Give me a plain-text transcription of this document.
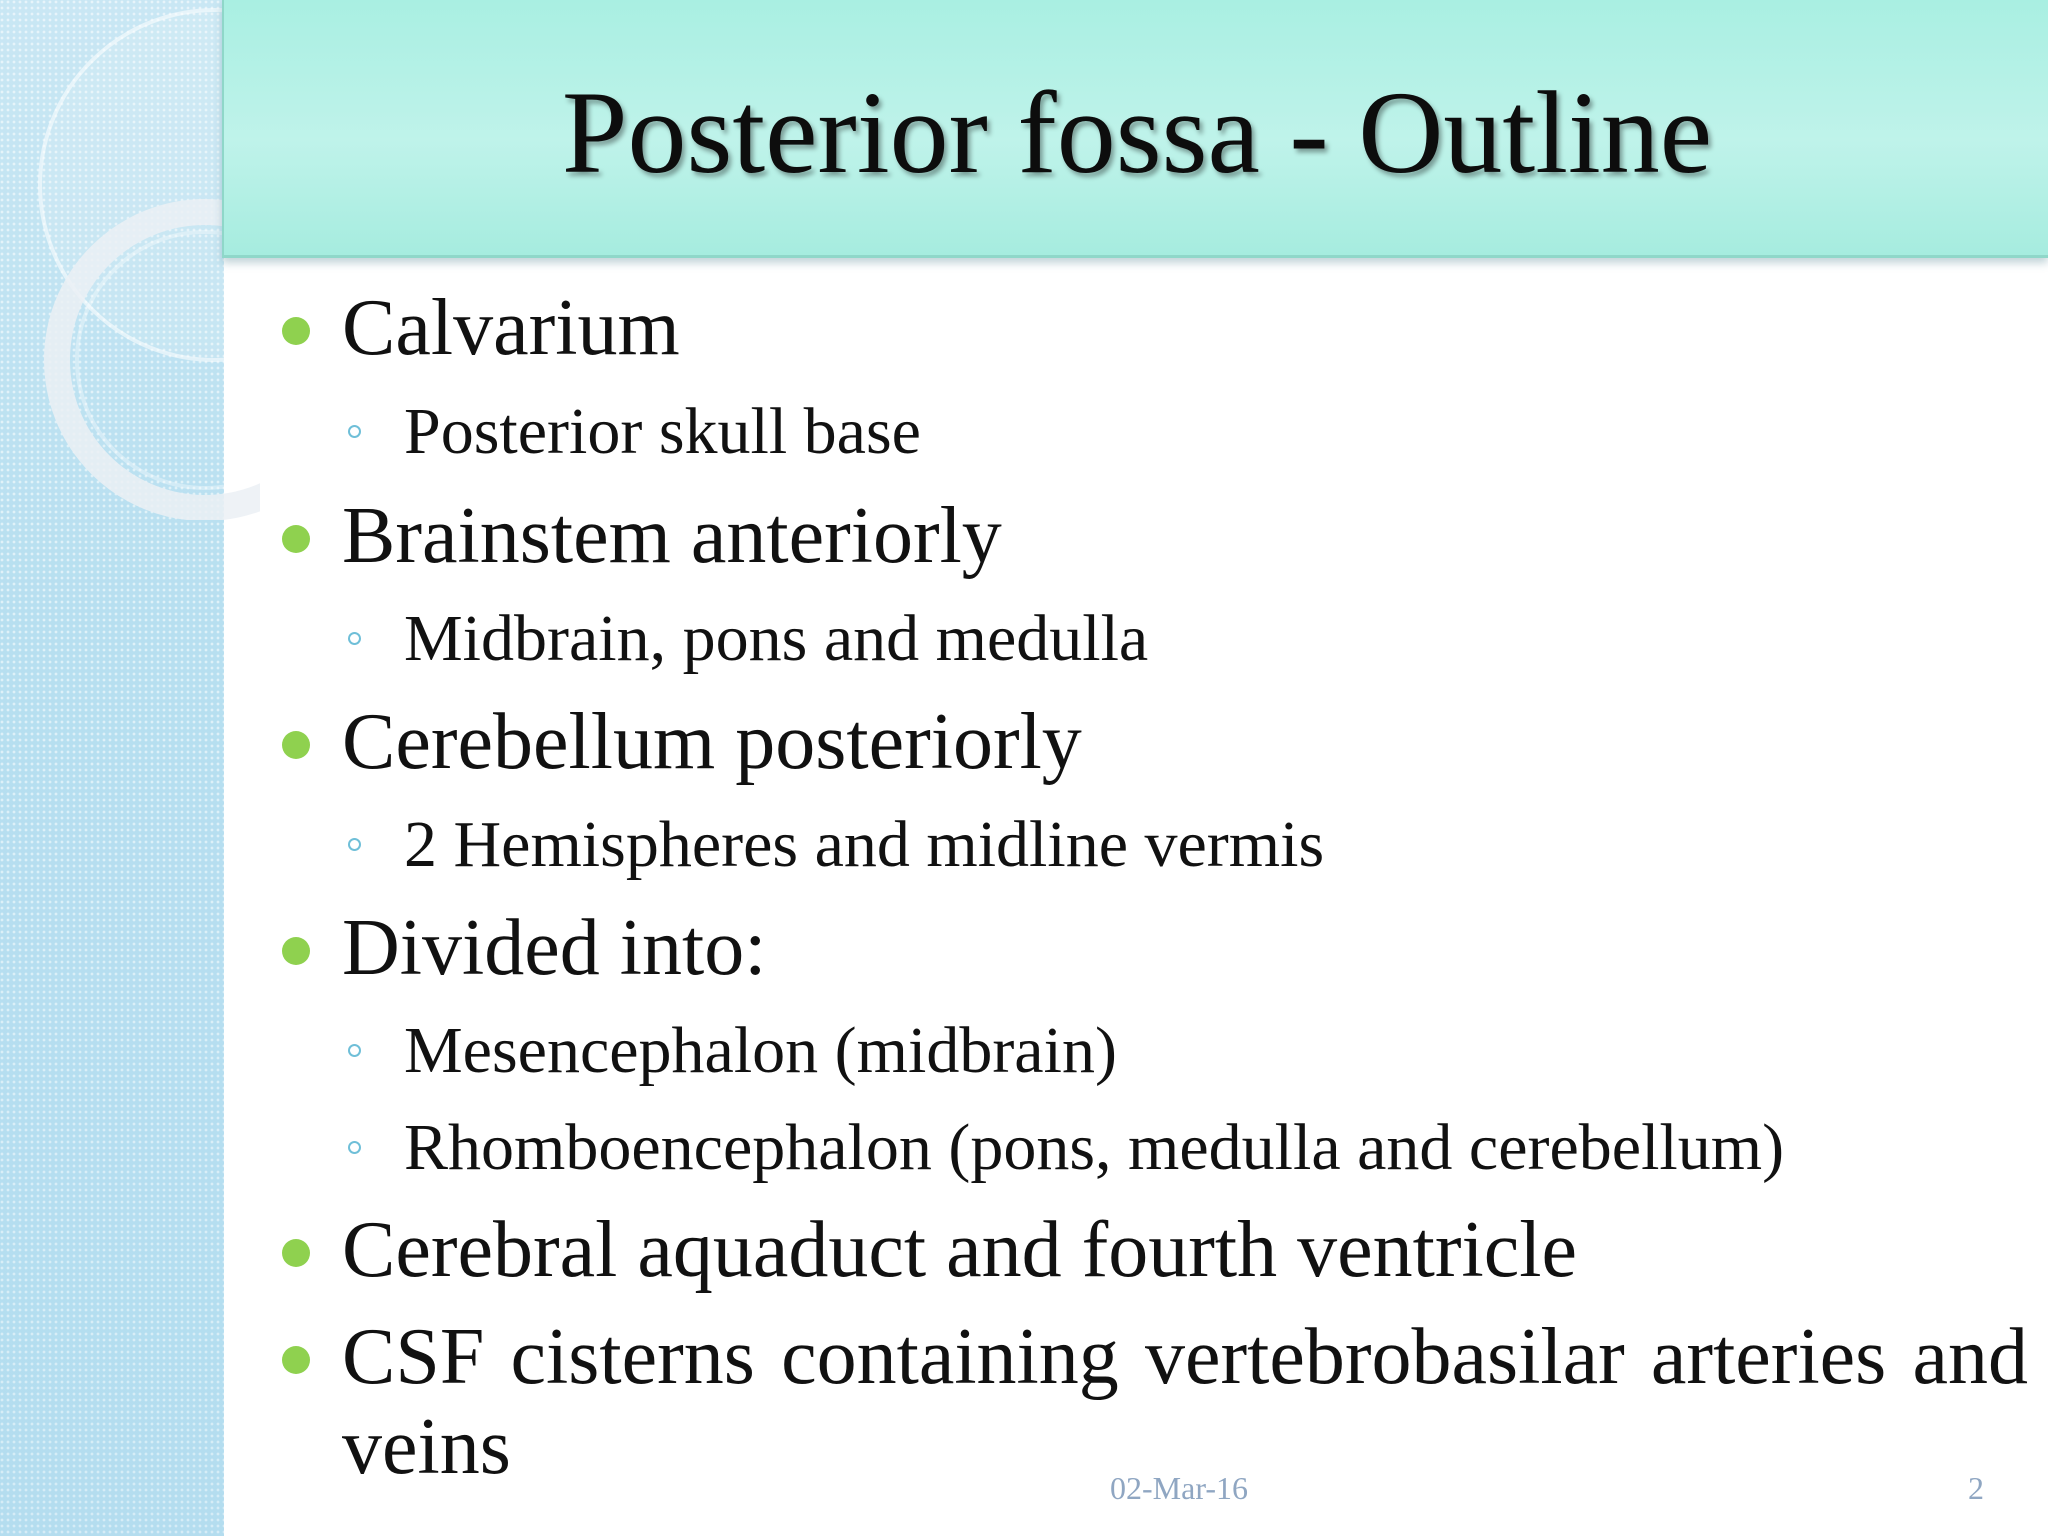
Posterior fossa - Outline
Calvarium
Posterior skull base
Brainstem anteriorly
Midbrain, pons and medulla
Cerebellum posteriorly
2 Hemispheres and midline vermis
Divided into:
Mesencephalon (midbrain)
Rhomboencephalon (pons, medulla and cerebellum)
Cerebral aquaduct and fourth ventricle
CSF cisterns containing vertebrobasilar arteries and veins	02-Mar-16	2
